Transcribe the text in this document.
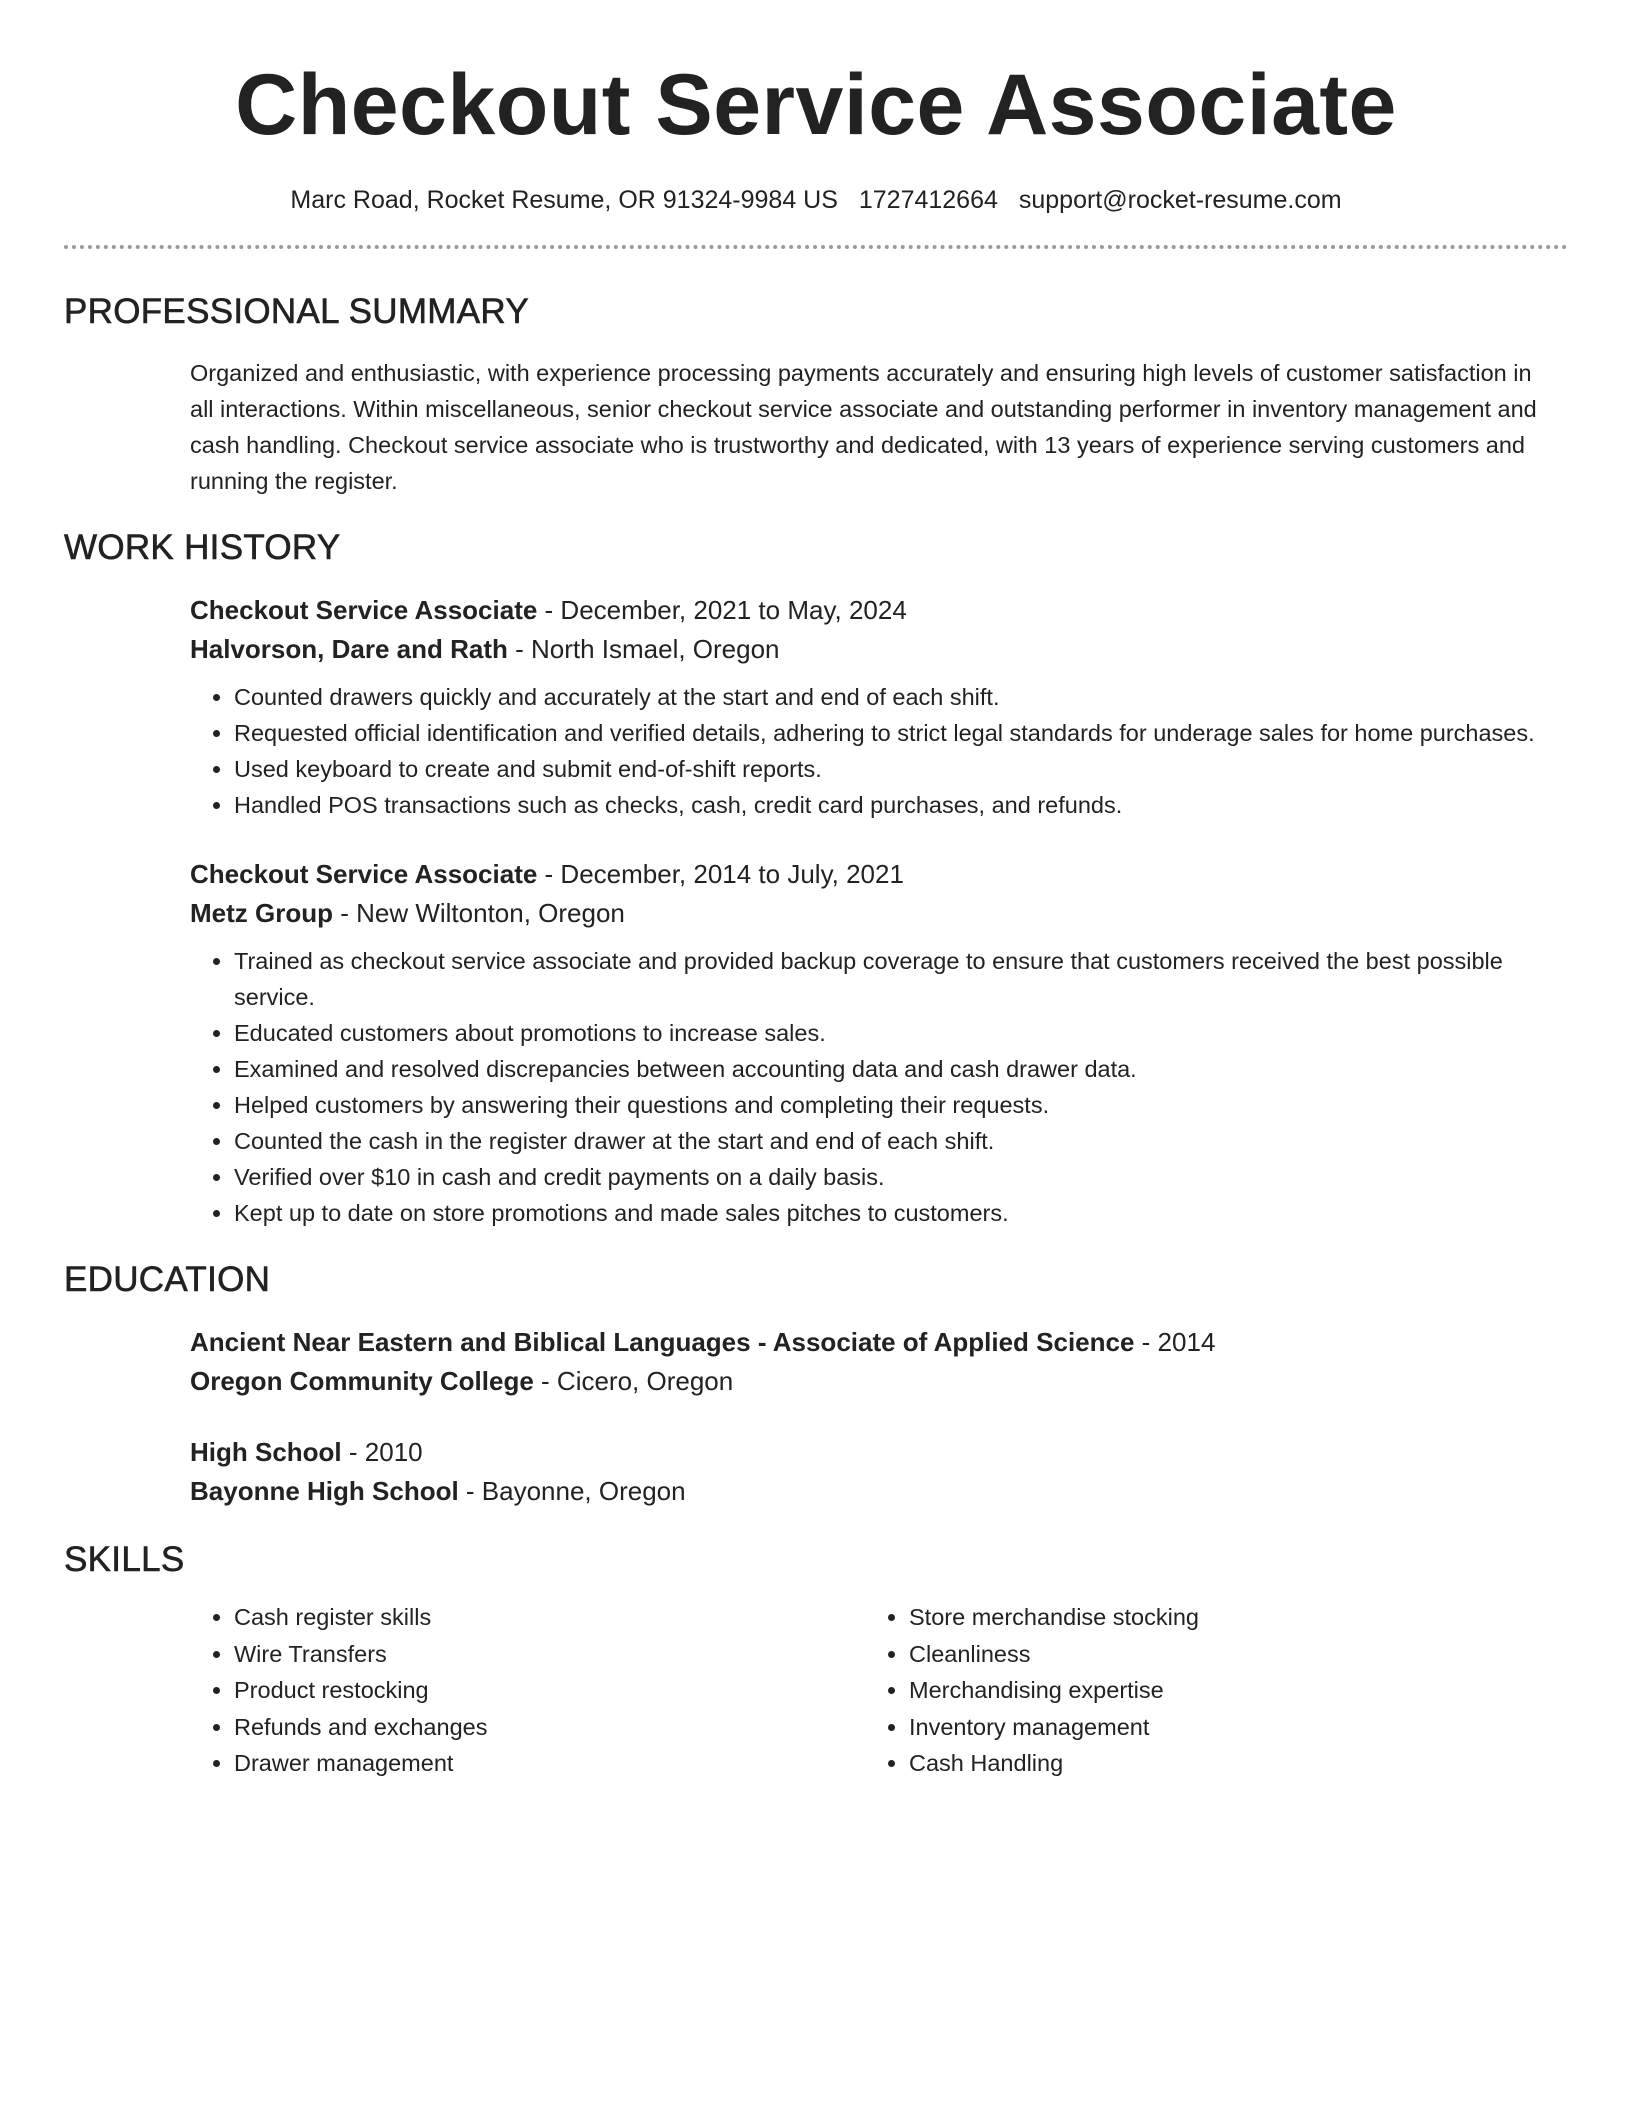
Checkout Service Associate
Marc Road, Rocket Resume, OR 91324-9984 US 1727412664 support@rocket-resume.com
PROFESSIONAL SUMMARY
Organized and enthusiastic, with experience processing payments accurately and ensuring high levels of customer satisfaction in all interactions. Within miscellaneous, senior checkout service associate and outstanding performer in inventory management and cash handling. Checkout service associate who is trustworthy and dedicated, with 13 years of experience serving customers and running the register.
WORK HISTORY
Checkout Service Associate - December, 2021 to May, 2024
Halvorson, Dare and Rath - North Ismael, Oregon
• Counted drawers quickly and accurately at the start and end of each shift.
• Requested official identification and verified details, adhering to strict legal standards for underage sales for home purchases.
• Used keyboard to create and submit end-of-shift reports.
• Handled POS transactions such as checks, cash, credit card purchases, and refunds.
Checkout Service Associate - December, 2014 to July, 2021
Metz Group - New Wiltonton, Oregon
• Trained as checkout service associate and provided backup coverage to ensure that customers received the best possible service.
• Educated customers about promotions to increase sales.
• Examined and resolved discrepancies between accounting data and cash drawer data.
• Helped customers by answering their questions and completing their requests.
• Counted the cash in the register drawer at the start and end of each shift.
• Verified over $10 in cash and credit payments on a daily basis.
• Kept up to date on store promotions and made sales pitches to customers.
EDUCATION
Ancient Near Eastern and Biblical Languages - Associate of Applied Science - 2014
Oregon Community College - Cicero, Oregon
High School - 2010
Bayonne High School - Bayonne, Oregon
SKILLS
• Cash register skills
• Wire Transfers
• Product restocking
• Refunds and exchanges
• Drawer management
• Store merchandise stocking
• Cleanliness
• Merchandising expertise
• Inventory management
• Cash Handling
